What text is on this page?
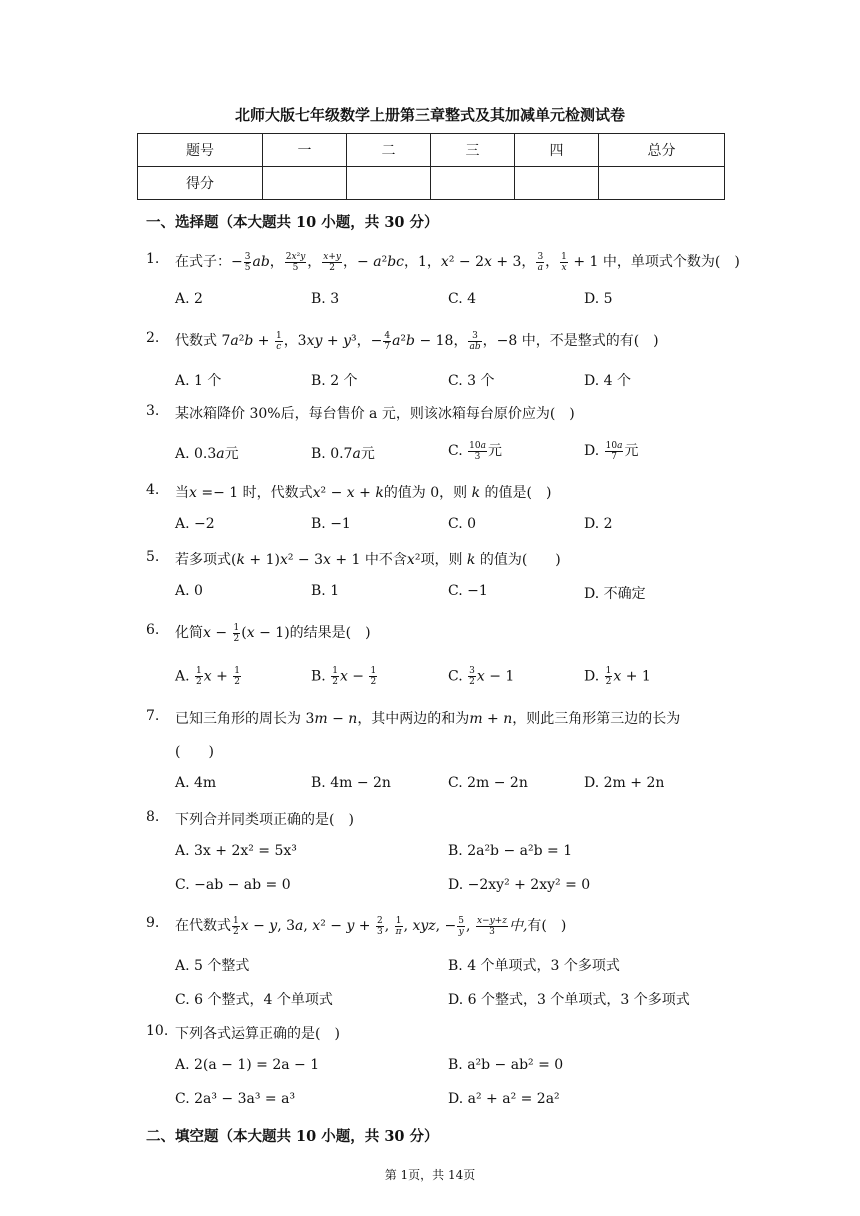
北师大版七年级数学上册第三章整式及其加减单元检测试卷
题号	一	二	三	四	总分
得分					
一、选择题（本大题共 10 小题，共 30 分）
1. 在式子：− $\frac{3}{5}$ ab， $\frac{\text{2x²y}}{5}$ ， $\frac{x+y}{2}$ ，− a²bc，1，x² − 2x + 3， $\frac{3}{a}$ ， $\frac{1}{x} + 1$ 中，单项式个数为(　)
A. 2	B. 3	C. 4	D. 5
2. 代数式 $7a^2b + \frac{1}{c}$ ，3xy + y³，− $\frac{4}{7} a^2b - 18$， $\frac{3}{ab}$ ，−8 中，不是整式的有(　)
A. 1 个	B. 2 个	C. 3 个	D. 4 个
3. 某冰箱降价 30%后，每台售价 a 元，则该冰箱每台原价应为(　)
A. 0.3a元	B. 0.7a元	C. $\frac{10a}{3}$ 元	D. $\frac{10a}{7}$ 元
4. 当x =− 1 时，代数式x² − x + k的值为 0，则 k 的值是(　)
A. −2	B. −1	C. 0	D. 2
5. 若多项式(k + 1)x² − 3x + 1 中不含x²项，则 k 的值为(　　)
A. 0	B. 1	C. −1	D. 不确定
6. 化简$x - \frac{1}{2} (x - 1)$的结果是(　)
A. $\frac{1}{2}$ $x + \frac{1}{2}$	B. $\frac{1}{2}$ $x - \frac{1}{2}$	C. $\frac{3}{2}$ x − 1	D. $\frac{1}{2}$ x + 1
7. 已知三角形的周长为 3m − n，其中两边的和为m + n，则此三角形第三边的长为
(　　)
A. 4m	B. 4m − 2n	C. 2m − 2n	D. 2m + 2n
8. 下列合并同类项正确的是(　)
A. 3x + 2x² = 5x³	B. 2a²b − a²b = 1
C. −ab − ab = 0	D. −2xy² + 2xy² = 0
9. 在代数式 $\frac{1}{2}$ x − y, 3a, $x^2 - y + \frac{2}{3}$ , $\frac{1}{\pi}$ , xyz, − $\frac{5}{y}$ , $\frac{x-y+z}{3}$ 中,有(　)
A. 5 个整式	B. 4 个单项式，3 个多项式
C. 6 个整式，4 个单项式	D. 6 个整式，3 个单项式，3 个多项式
10. 下列各式运算正确的是(　)
A. 2(a − 1) = 2a − 1	B. a²b − ab² = 0
C. 2a³ − 3a³ = a³	D. a² + a² = 2a²
二、填空题（本大题共 10 小题，共 30 分）
第 1页，共 14页
